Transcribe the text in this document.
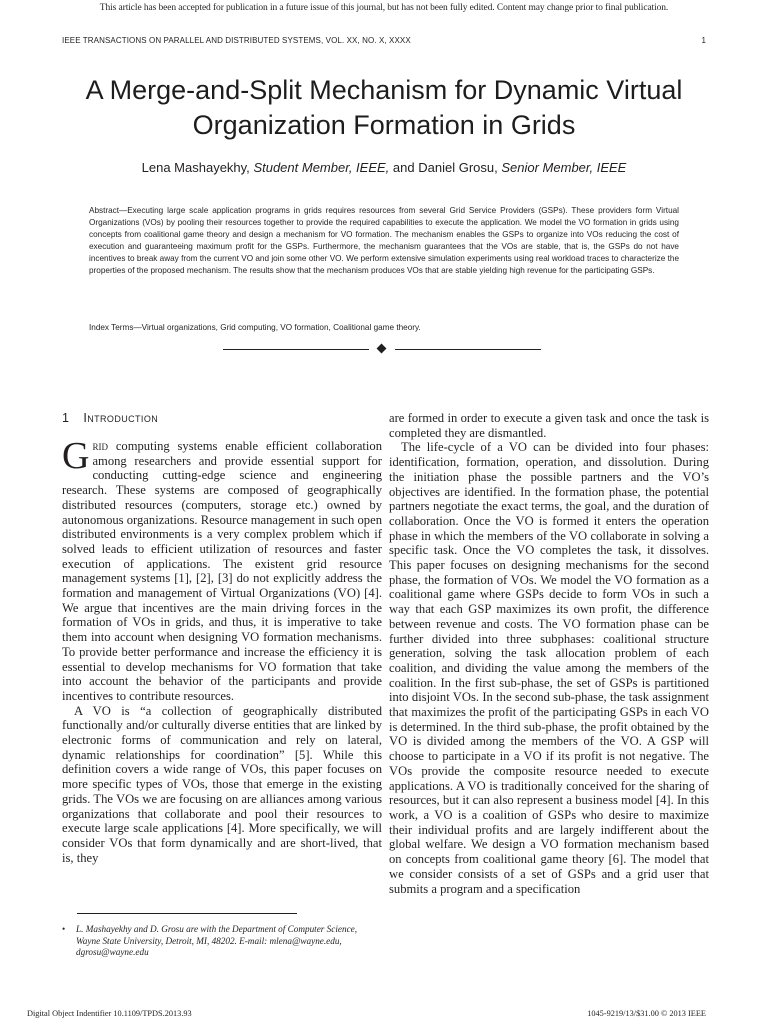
This article has been accepted for publication in a future issue of this journal, but has not been fully edited. Content may change prior to final publication.
IEEE TRANSACTIONS ON PARALLEL AND DISTRIBUTED SYSTEMS, VOL. XX, NO. X, XXXX	1
A Merge-and-Split Mechanism for Dynamic Virtual Organization Formation in Grids
Lena Mashayekhy, Student Member, IEEE, and Daniel Grosu, Senior Member, IEEE
Abstract—Executing large scale application programs in grids requires resources from several Grid Service Providers (GSPs). These providers form Virtual Organizations (VOs) by pooling their resources together to provide the required capabilities to execute the application. We model the VO formation in grids using concepts from coalitional game theory and design a mechanism for VO formation. The mechanism enables the GSPs to organize into VOs reducing the cost of execution and guaranteeing maximum profit for the GSPs. Furthermore, the mechanism guarantees that the VOs are stable, that is, the GSPs do not have incentives to break away from the current VO and join some other VO. We perform extensive simulation experiments using real workload traces to characterize the properties of the proposed mechanism. The results show that the mechanism produces VOs that are stable yielding high revenue for the participating GSPs.
Index Terms—Virtual organizations, Grid computing, VO formation, Coalitional game theory.
1 Introduction

Grid computing systems enable efficient collaboration among researchers and provide essential support for conducting cutting-edge science and engineering research. These systems are composed of geographically distributed resources (computers, storage etc.) owned by autonomous organizations. Resource management in such open distributed environments is a very complex problem which if solved leads to efficient utilization of resources and faster execution of applications. The existent grid resource management systems [1], [2], [3] do not explicitly address the formation and management of Virtual Organizations (VO) [4]. We argue that incentives are the main driving forces in the formation of VOs in grids, and thus, it is imperative to take them into account when designing VO formation mechanisms. To provide better performance and increase the efficiency it is essential to develop mechanisms for VO formation that take into account the behavior of the participants and provide incentives to contribute resources.

A VO is “a collection of geographically distributed functionally and/or culturally diverse entities that are linked by electronic forms of communication and rely on lateral, dynamic relationships for coordination” [5]. While this definition covers a wide range of VOs, this paper focuses on more specific types of VOs, those that emerge in the existing grids. The VOs we are focusing on are alliances among various organizations that collaborate and pool their resources to execute large scale applications [4]. More specifically, we will consider VOs that form dynamically and are short-lived, that is, they

are formed in order to execute a given task and once the task is completed they are dismantled.

The life-cycle of a VO can be divided into four phases: identification, formation, operation, and dissolution. During the initiation phase the possible partners and the VO’s objectives are identified. In the formation phase, the potential partners negotiate the exact terms, the goal, and the duration of collaboration. Once the VO is formed it enters the operation phase in which the members of the VO collaborate in solving a specific task. Once the VO completes the task, it dissolves. This paper focuses on designing mechanisms for the second phase, the formation of VOs. We model the VO formation as a coalitional game where GSPs decide to form VOs in such a way that each GSP maximizes its own profit, the difference between revenue and costs. The VO formation phase can be further divided into three subphases: coalitional structure generation, solving the task allocation problem of each coalition, and dividing the value among the members of the coalition. In the first sub-phase, the set of GSPs is partitioned into disjoint VOs. In the second sub-phase, the task assignment that maximizes the profit of the participating GSPs in each VO is determined. In the third sub-phase, the profit obtained by the VO is divided among the members of the VO. A GSP will choose to participate in a VO if its profit is not negative. The VOs provide the composite resource needed to execute applications. A VO is traditionally conceived for the sharing of resources, but it can also represent a business model [4]. In this work, a VO is a coalition of GSPs who desire to maximize their individual profits and are largely indifferent about the global welfare. We design a VO formation mechanism based on concepts from coalitional game theory [6]. The model that we consider consists of a set of GSPs and a grid user that submits a program and a specification

• L. Mashayekhy and D. Grosu are with the Department of Computer Science, Wayne State University, Detroit, MI, 48202. E-mail: mlena@wayne.edu, dgrosu@wayne.edu
Digital Object Indentifier 10.1109/TPDS.2013.93	1045-9219/13/$31.00 © 2013 IEEE
